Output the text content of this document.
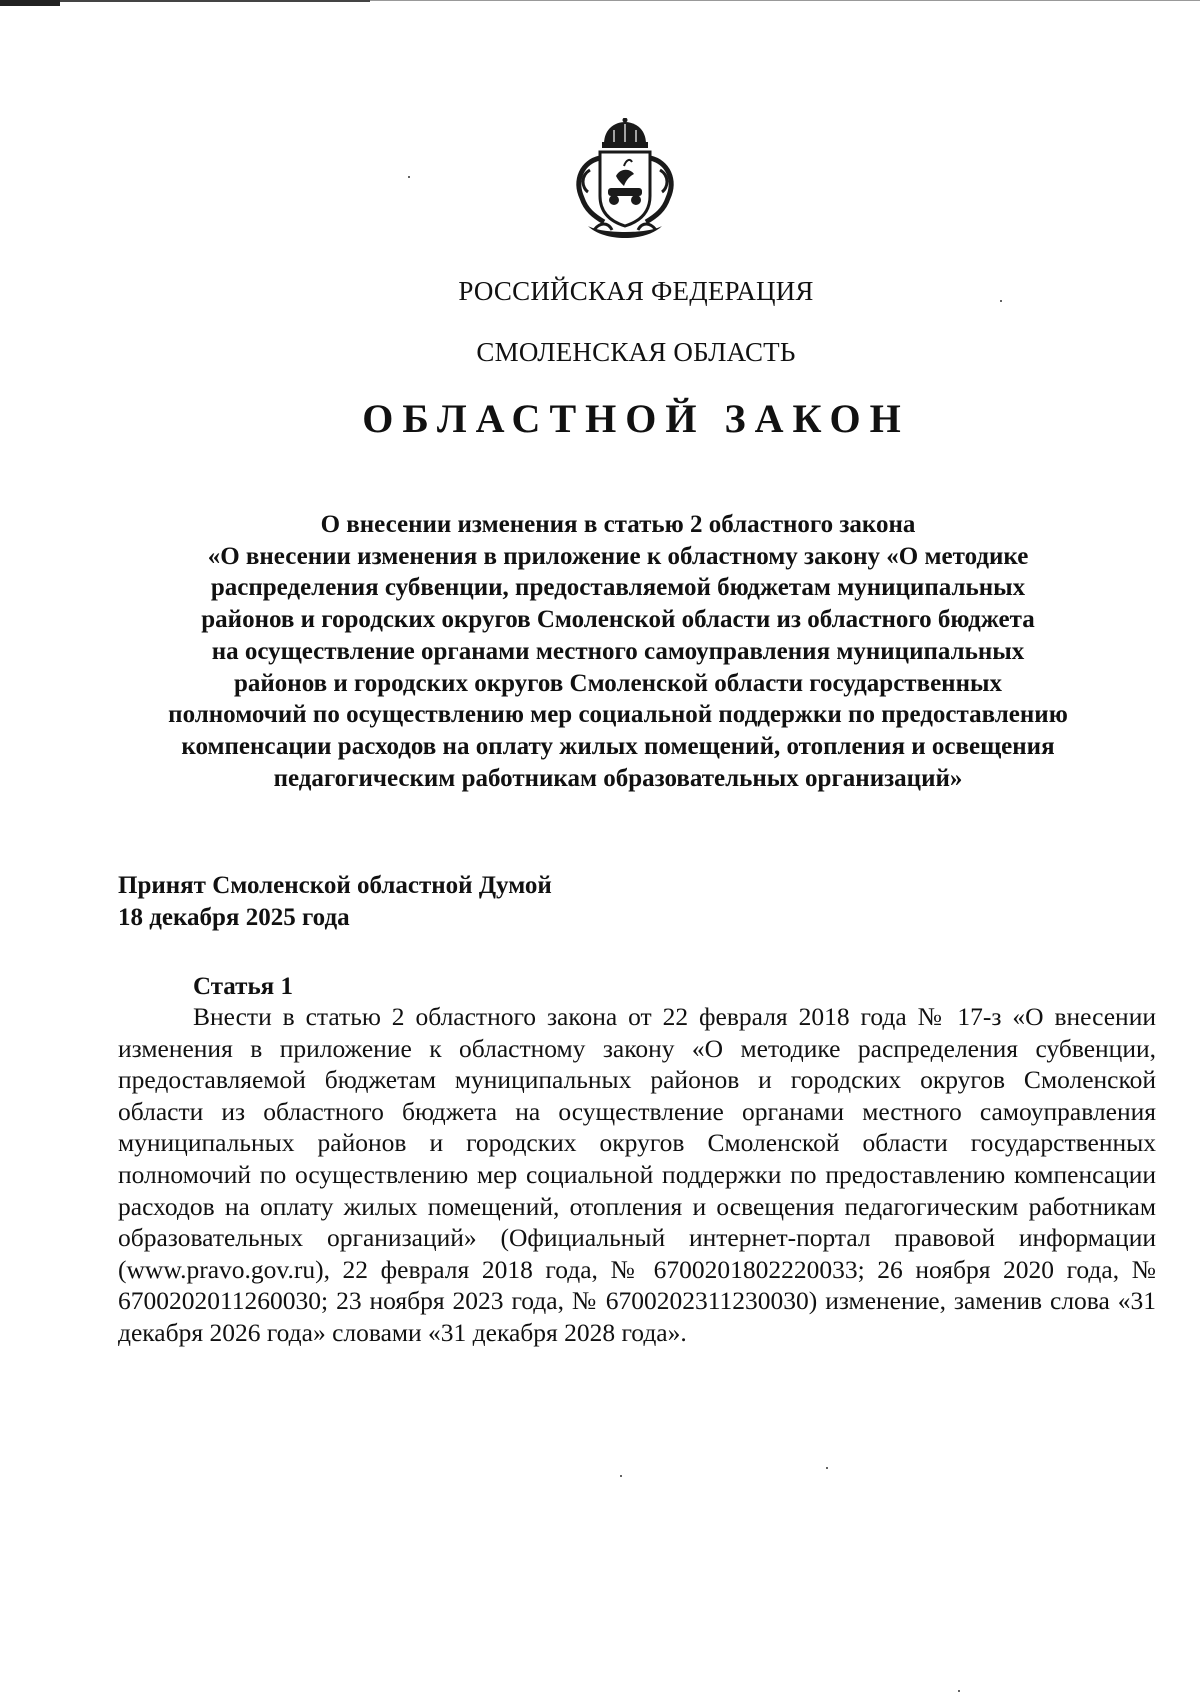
РОССИЙСКАЯ ФЕДЕРАЦИЯ
СМОЛЕНСКАЯ ОБЛАСТЬ
ОБЛАСТНОЙ ЗАКОН
О внесении изменения в статью 2 областного закона
«О внесении изменения в приложение к областному закону «О методике
распределения субвенции, предоставляемой бюджетам муниципальных
районов и городских округов Смоленской области из областного бюджета
на осуществление органами местного самоуправления муниципальных
районов и городских округов Смоленской области государственных
полномочий по осуществлению мер социальной поддержки по предоставлению
компенсации расходов на оплату жилых помещений, отопления и освещения
педагогическим работникам образовательных организаций»
Принят Смоленской областной Думой
18 декабря 2025 года
Статья 1

Внести в статью 2 областного закона от 22 февраля 2018 года № 17-з «О внесении изменения в приложение к областному закону «О методике распределения субвенции, предоставляемой бюджетам муниципальных районов и городских округов Смоленской области из областного бюджета на осуществление органами местного самоуправления муниципальных районов и городских округов Смоленской области государственных полномочий по осуществлению мер социальной поддержки по предоставлению компенсации расходов на оплату жилых помещений, отопления и освещения педагогическим работникам образовательных организаций» (Официальный интернет-портал правовой информации (www.pravo.gov.ru), 22 февраля 2018 года, № 6700201802220033; 26 ноября 2020 года, № 6700202011260030; 23 ноября 2023 года, № 6700202311230030) изменение, заменив слова «31 декабря 2026 года» словами «31 декабря 2028 года».
